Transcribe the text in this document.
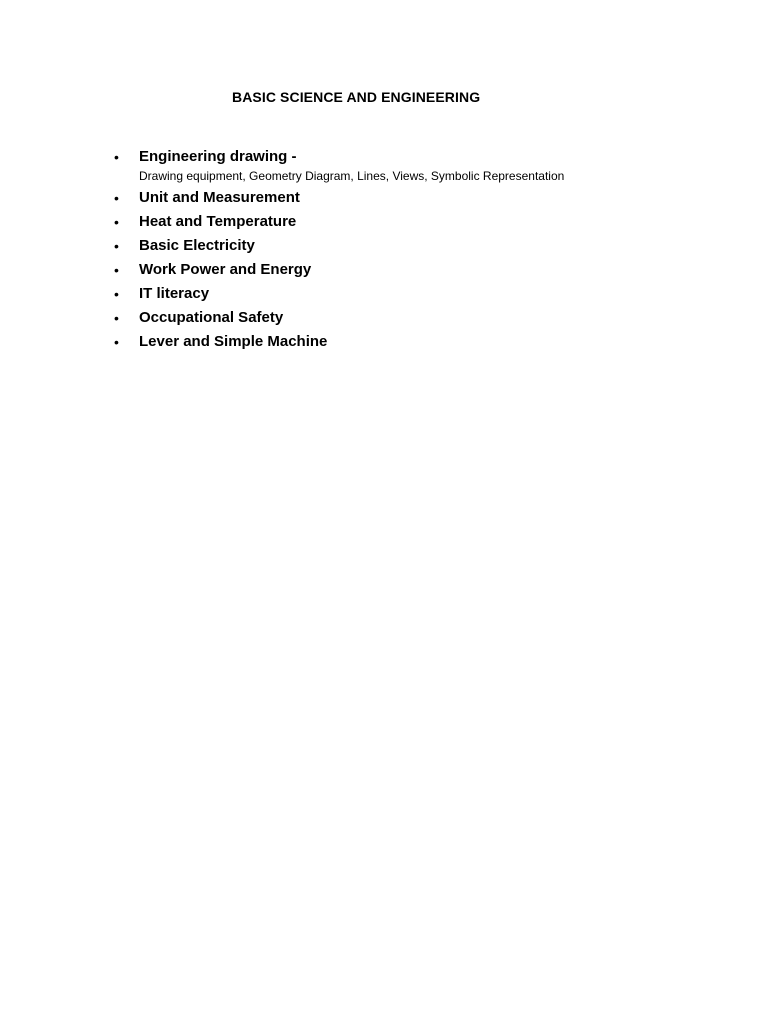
BASIC SCIENCE AND ENGINEERING
• Engineering drawing -
Drawing equipment, Geometry Diagram, Lines, Views, Symbolic Representation
• Unit and Measurement
• Heat and Temperature
• Basic Electricity
• Work Power and Energy
• IT literacy
• Occupational Safety
• Lever and Simple Machine
